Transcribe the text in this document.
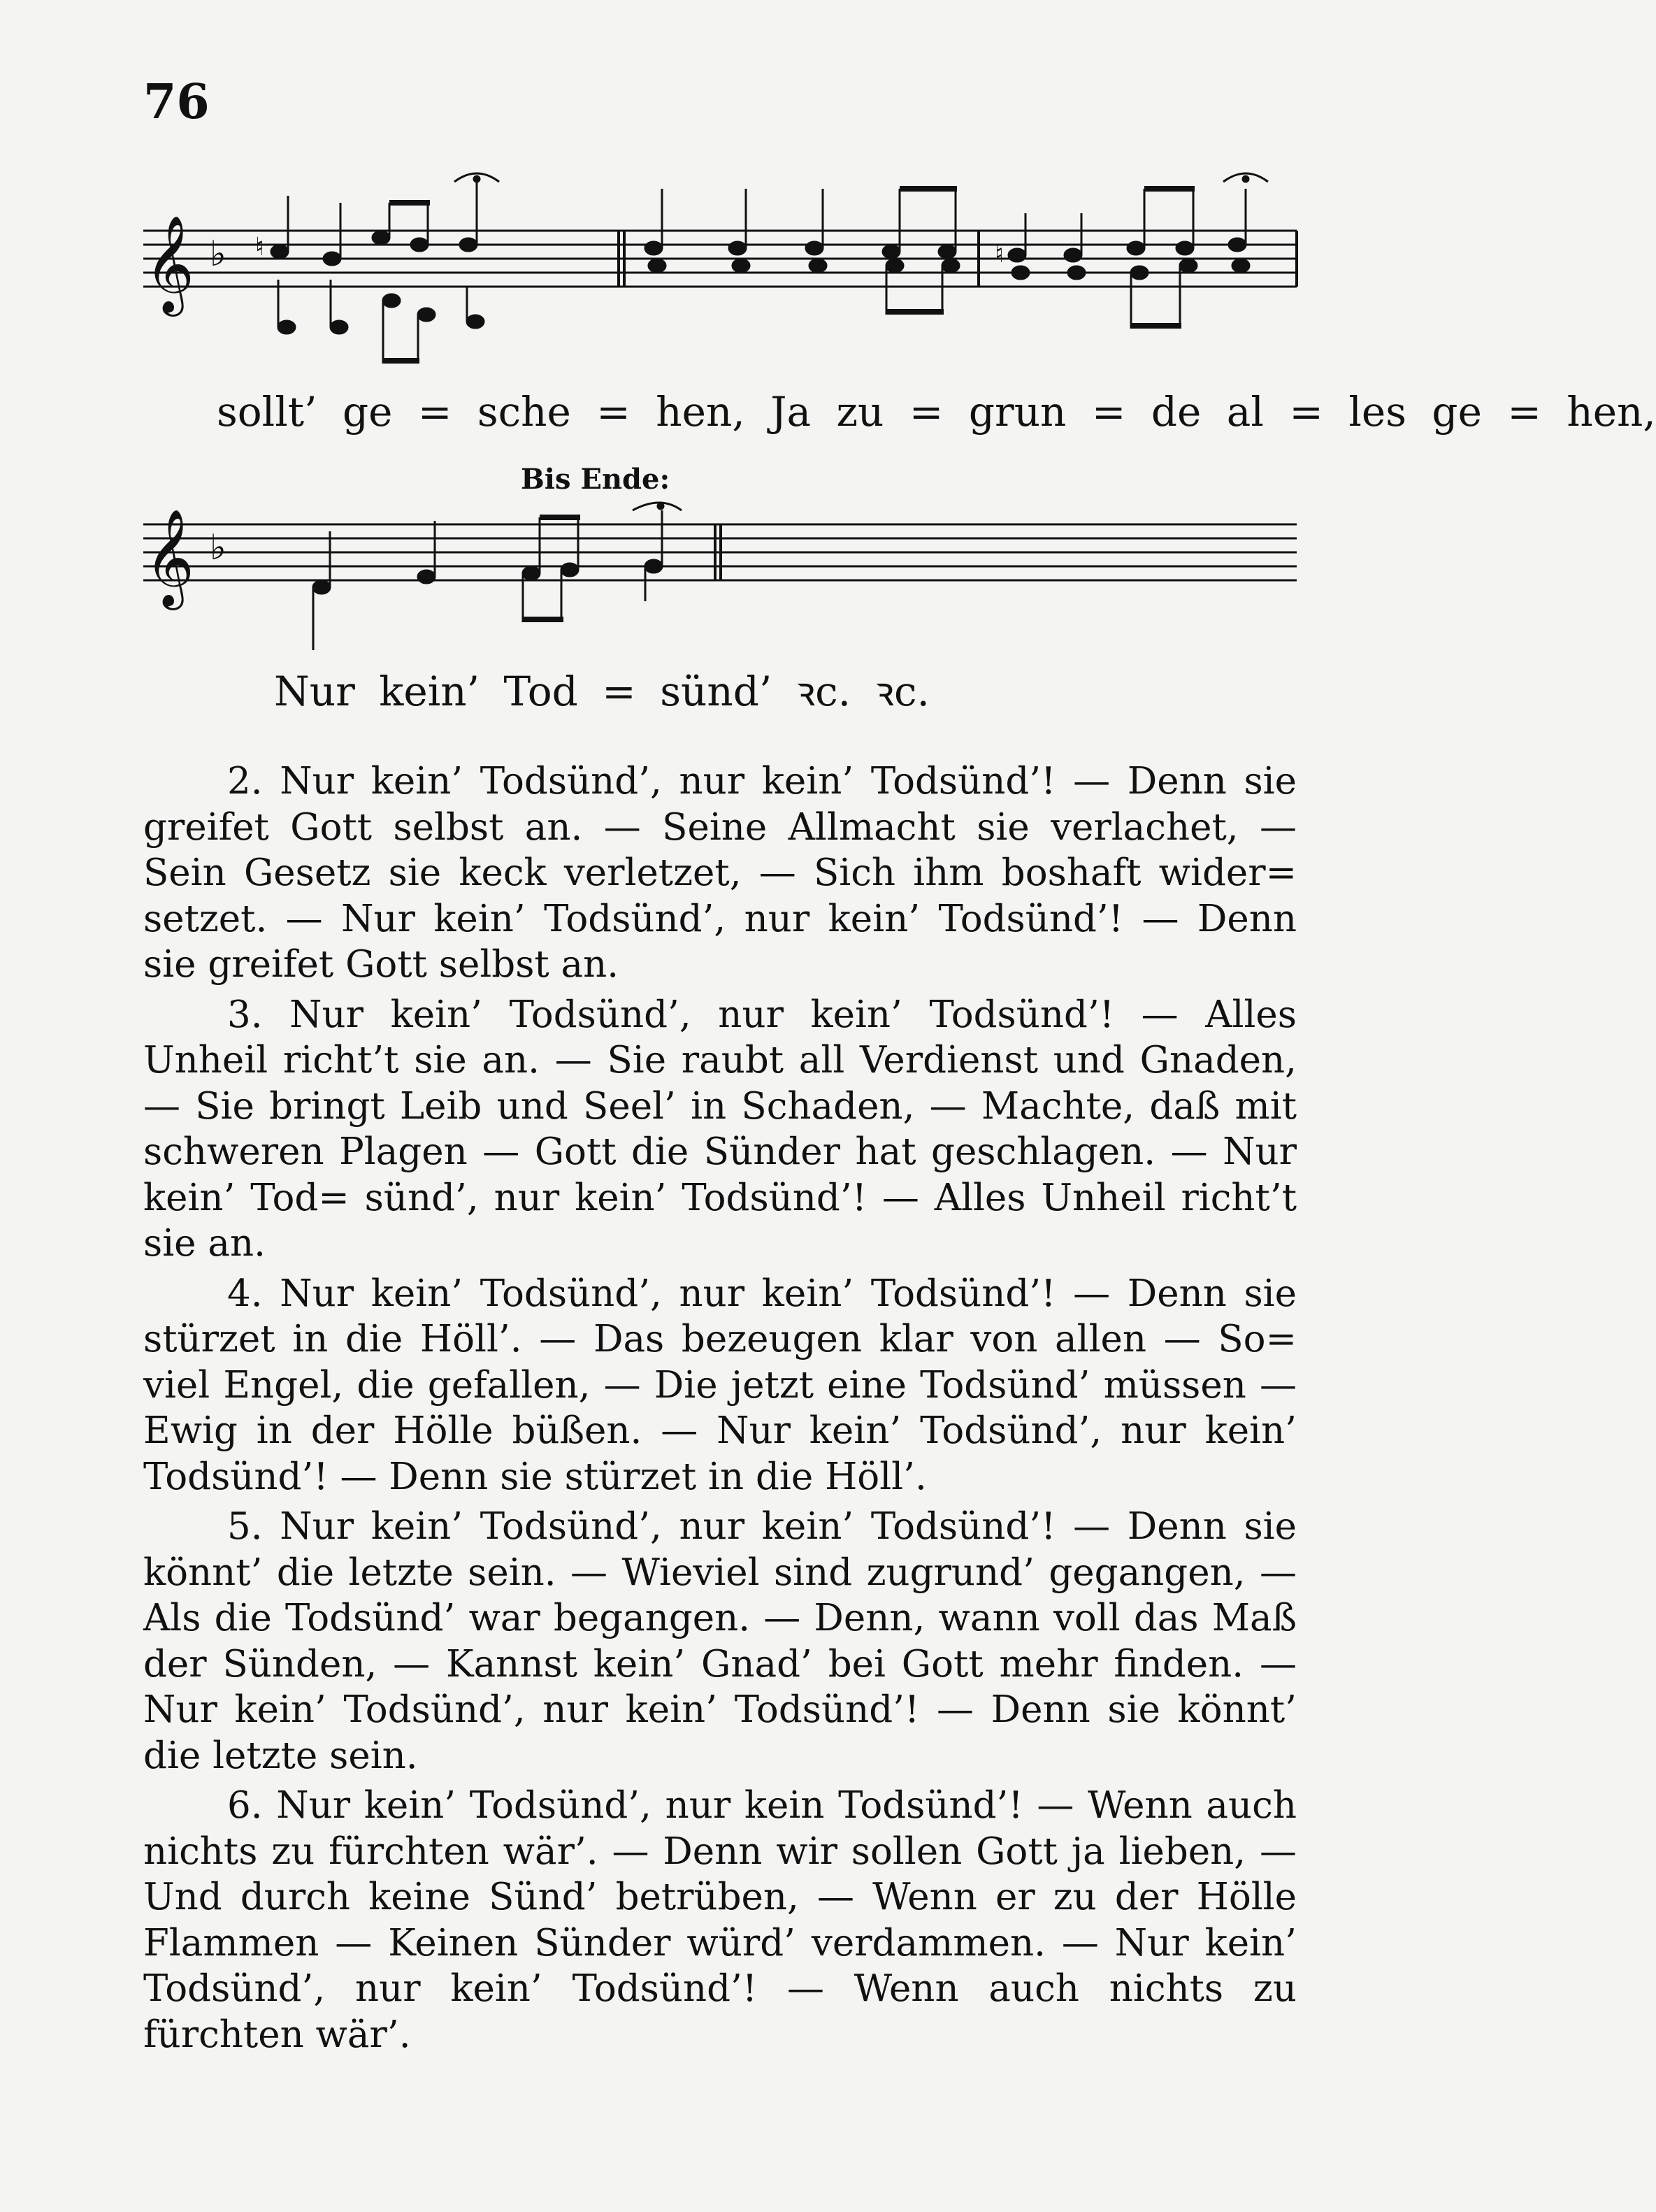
76
𝄞 ♭ ♮	♮
sollt’ ge = sche = hen, Ja zu = grun = de al = les ge = hen,
Bis Ende:
𝄞 ♭
Nur kein’ Tod = sünd’ ꝛc. ꝛc.

2. Nur kein’ Todsünd’, nur kein’ Todsünd’! — Denn sie greifet Gott selbst an. — Seine Allmacht sie verlachet, — Sein Gesetz sie keck verletzet, — Sich ihm boshaft wider= setzet. — Nur kein’ Todsünd’, nur kein’ Todsünd’! — Denn sie greifet Gott selbst an.

3. Nur kein’ Todsünd’, nur kein’ Todsünd’! — Alles Unheil richt’t sie an. — Sie raubt all Verdienst und Gnaden, — Sie bringt Leib und Seel’ in Schaden, — Machte, daß mit schweren Plagen — Gott die Sünder hat geschlagen. — Nur kein’ Tod= sünd’, nur kein’ Todsünd’! — Alles Unheil richt’t sie an.

4. Nur kein’ Todsünd’, nur kein’ Todsünd’! — Denn sie stürzet in die Höll’. — Das bezeugen klar von allen — So= viel Engel, die gefallen, — Die jetzt eine Todsünd’ müssen — Ewig in der Hölle büßen. — Nur kein’ Todsünd’, nur kein’ Todsünd’! — Denn sie stürzet in die Höll’.

5. Nur kein’ Todsünd’, nur kein’ Todsünd’! — Denn sie könnt’ die letzte sein. — Wieviel sind zugrund’ gegangen, — Als die Todsünd’ war begangen. — Denn, wann voll das Maß der Sünden, — Kannst kein’ Gnad’ bei Gott mehr finden. — Nur kein’ Todsünd’, nur kein’ Todsünd’! — Denn sie könnt’ die letzte sein.

6. Nur kein’ Todsünd’, nur kein Todsünd’! — Wenn auch nichts zu fürchten wär’. — Denn wir sollen Gott ja lieben, — Und durch keine Sünd’ betrüben, — Wenn er zu der Hölle Flammen — Keinen Sünder würd’ verdammen. — Nur kein’ Todsünd’, nur kein’ Todsünd’! — Wenn auch nichts zu fürchten wär’.
